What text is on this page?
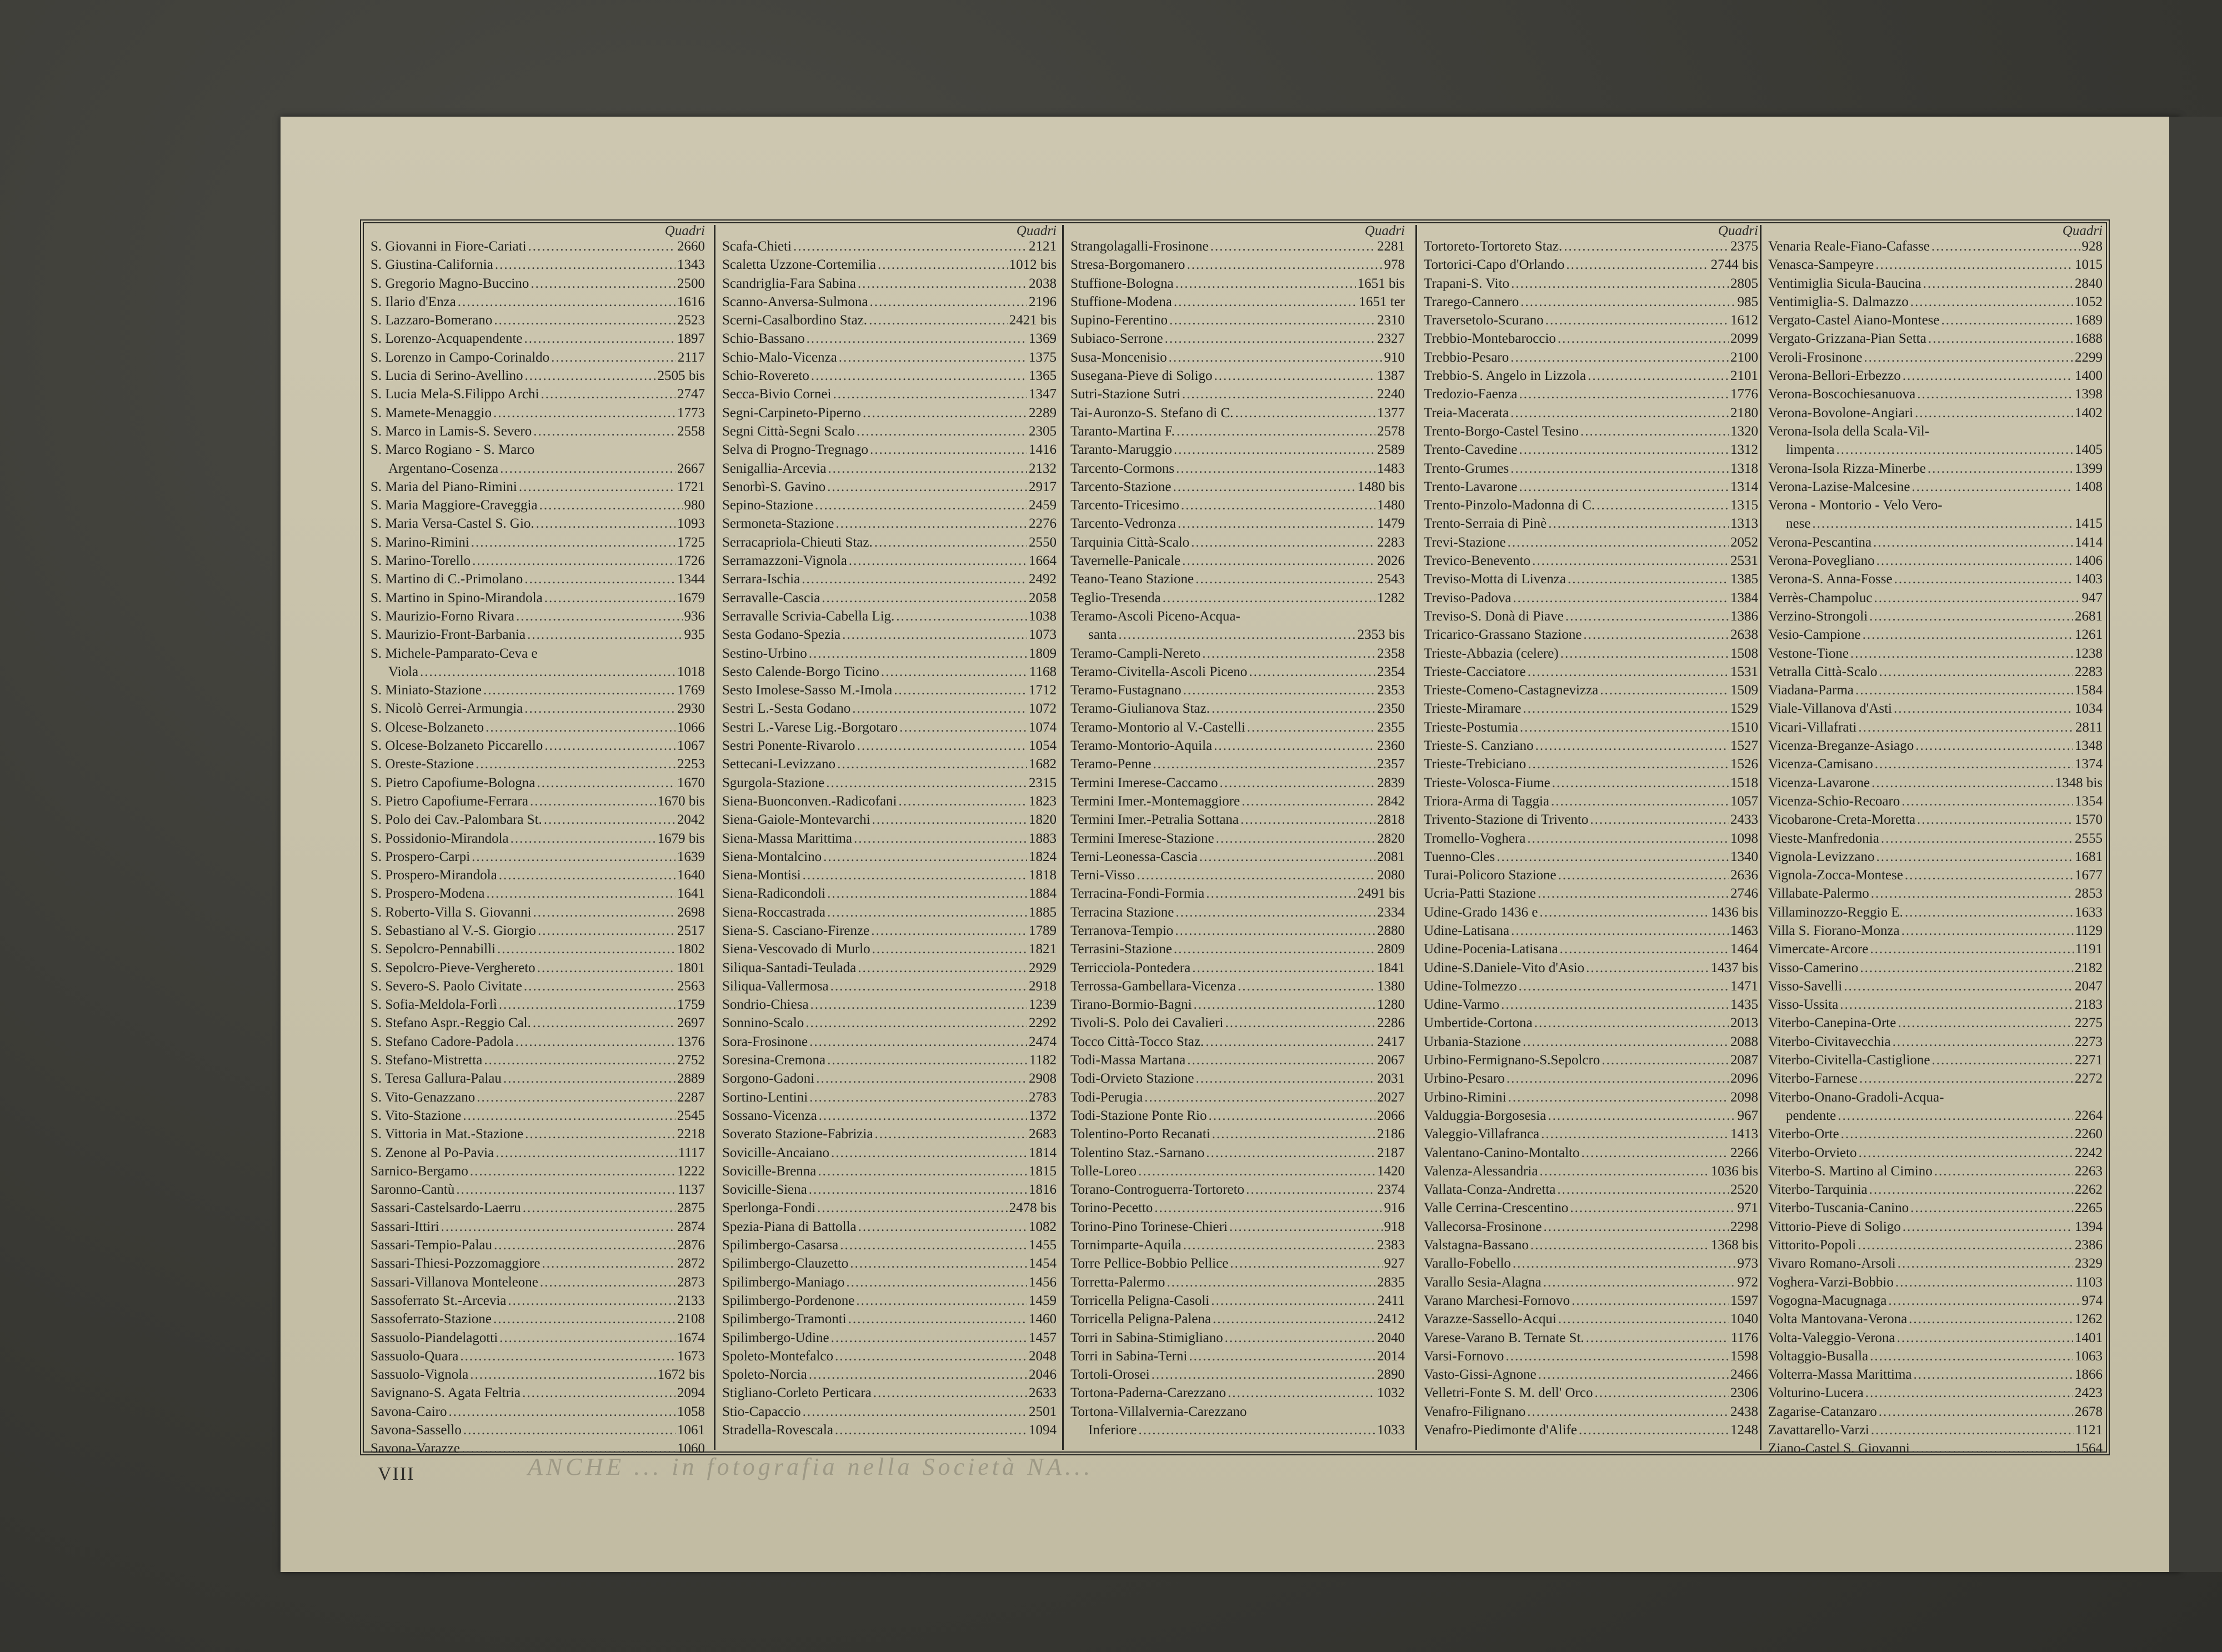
ANCHE ... in fotografia nella Società NA...
Quadri
S. Giovanni in Fiore-Cariati .....	2660
S. Giustina-California .....	1343
S. Gregorio Magno-Buccino .....	2500
S. Ilario d'Enza .....	1616
S. Lazzaro-Bomerano .....	2523
S. Lorenzo-Acquapendente .....	1897
S. Lorenzo in Campo-Corinaldo .....	2117
S. Lucia di Serino-Avellino .....	2505 bis
S. Lucia Mela-S.Filippo Archi .....	2747
S. Mamete-Menaggio .....	1773
S. Marco in Lamis-S. Severo .....	2558
S. Marco Rogiano - S. Marco
Argentano-Cosenza .....	2667
S. Maria del Piano-Rimini .....	1721
S. Maria Maggiore-Craveggia .....	980
S. Maria Versa-Castel S. Gio. .....	1093
S. Marino-Rimini .....	1725
S. Marino-Torello .....	1726
S. Martino di C.-Primolano .....	1344
S. Martino in Spino-Mirandola .....	1679
S. Maurizio-Forno Rivara .....	936
S. Maurizio-Front-Barbania .....	935
S. Michele-Pamparato-Ceva e
Viola .....	1018
S. Miniato-Stazione .....	1769
S. Nicolò Gerrei-Armungia .....	2930
S. Olcese-Bolzaneto .....	1066
S. Olcese-Bolzaneto Piccarello .....	1067
S. Oreste-Stazione .....	2253
S. Pietro Capofiume-Bologna .....	1670
S. Pietro Capofiume-Ferrara .....	1670 bis
S. Polo dei Cav.-Palombara St. .....	2042
S. Possidonio-Mirandola .....	1679 bis
S. Prospero-Carpi .....	1639
S. Prospero-Mirandola .....	1640
S. Prospero-Modena .....	1641
S. Roberto-Villa S. Giovanni .....	2698
S. Sebastiano al V.-S. Giorgio .....	2517
S. Sepolcro-Pennabilli .....	1802
S. Sepolcro-Pieve-Verghereto .....	1801
S. Severo-S. Paolo Civitate .....	2563
S. Sofia-Meldola-Forlì .....	1759
S. Stefano Aspr.-Reggio Cal. .....	2697
S. Stefano Cadore-Padola .....	1376
S. Stefano-Mistretta .....	2752
S. Teresa Gallura-Palau .....	2889
S. Vito-Genazzano .....	2287
S. Vito-Stazione .....	2545
S. Vittoria in Mat.-Stazione .....	2218
S. Zenone al Po-Pavia .....	1117
Sarnico-Bergamo .....	1222
Saronno-Cantù .....	1137
Sassari-Castelsardo-Laerru .....	2875
Sassari-Ittiri .....	2874
Sassari-Tempio-Palau .....	2876
Sassari-Thiesi-Pozzomaggiore .....	2872
Sassari-Villanova Monteleone .....	2873
Sassoferrato St.-Arcevia .....	2133
Sassoferrato-Stazione .....	2108
Sassuolo-Piandelagotti .....	1674
Sassuolo-Quara .....	1673
Sassuolo-Vignola .....	1672 bis
Savignano-S. Agata Feltria .....	2094
Savona-Cairo .....	1058
Savona-Sassello .....	1061
Savona-Varazze .....	1060
Quadri
Scafa-Chieti .....	2121
Scaletta Uzzone-Cortemilia .....	1012 bis
Scandriglia-Fara Sabina .....	2038
Scanno-Anversa-Sulmona .....	2196
Scerni-Casalbordino Staz. .....	2421 bis
Schio-Bassano .....	1369
Schio-Malo-Vicenza .....	1375
Schio-Rovereto .....	1365
Secca-Bivio Cornei .....	1347
Segni-Carpineto-Piperno .....	2289
Segni Città-Segni Scalo .....	2305
Selva di Progno-Tregnago .....	1416
Senigallia-Arcevia .....	2132
Senorbì-S. Gavino .....	2917
Sepino-Stazione .....	2459
Sermoneta-Stazione .....	2276
Serracapriola-Chieuti Staz. .....	2550
Serramazzoni-Vignola .....	1664
Serrara-Ischia .....	2492
Serravalle-Cascia .....	2058
Serravalle Scrivia-Cabella Lig. .....	1038
Sesta Godano-Spezia .....	1073
Sestino-Urbino .....	1809
Sesto Calende-Borgo Ticino .....	1168
Sesto Imolese-Sasso M.-Imola .....	1712
Sestri L.-Sesta Godano .....	1072
Sestri L.-Varese Lig.-Borgotaro .....	1074
Sestri Ponente-Rivarolo .....	1054
Settecani-Levizzano .....	1682
Sgurgola-Stazione .....	2315
Siena-Buonconven.-Radicofani .....	1823
Siena-Gaiole-Montevarchi .....	1820
Siena-Massa Marittima .....	1883
Siena-Montalcino .....	1824
Siena-Montisi .....	1818
Siena-Radicondoli .....	1884
Siena-Roccastrada .....	1885
Siena-S. Casciano-Firenze .....	1789
Siena-Vescovado di Murlo .....	1821
Siliqua-Santadi-Teulada .....	2929
Siliqua-Vallermosa .....	2918
Sondrio-Chiesa .....	1239
Sonnino-Scalo .....	2292
Sora-Frosinone .....	2474
Soresina-Cremona .....	1182
Sorgono-Gadoni .....	2908
Sortino-Lentini .....	2783
Sossano-Vicenza .....	1372
Soverato Stazione-Fabrizia .....	2683
Sovicille-Ancaiano .....	1814
Sovicille-Brenna .....	1815
Sovicille-Siena .....	1816
Sperlonga-Fondi .....	2478 bis
Spezia-Piana di Battolla .....	1082
Spilimbergo-Casarsa .....	1455
Spilimbergo-Clauzetto .....	1454
Spilimbergo-Maniago .....	1456
Spilimbergo-Pordenone .....	1459
Spilimbergo-Tramonti .....	1460
Spilimbergo-Udine .....	1457
Spoleto-Montefalco .....	2048
Spoleto-Norcia .....	2046
Stigliano-Corleto Perticara .....	2633
Stio-Capaccio .....	2501
Stradella-Rovescala .....	1094
Quadri
Strangolagalli-Frosinone .....	2281
Stresa-Borgomanero .....	978
Stuffione-Bologna .....	1651 bis
Stuffione-Modena .....	1651 ter
Supino-Ferentino .....	2310
Subiaco-Serrone .....	2327
Susa-Moncenisio .....	910
Susegana-Pieve di Soligo .....	1387
Sutri-Stazione Sutri .....	2240
Tai-Auronzo-S. Stefano di C. .....	1377
Taranto-Martina F. .....	2578
Taranto-Maruggio .....	2589
Tarcento-Cormons .....	1483
Tarcento-Stazione .....	1480 bis
Tarcento-Tricesimo .....	1480
Tarcento-Vedronza .....	1479
Tarquinia Città-Scalo .....	2283
Tavernelle-Panicale .....	2026
Teano-Teano Stazione .....	2543
Teglio-Tresenda .....	1282
Teramo-Ascoli Piceno-Acqua-
santa .....	2353 bis
Teramo-Campli-Nereto .....	2358
Teramo-Civitella-Ascoli Piceno .....	2354
Teramo-Fustagnano .....	2353
Teramo-Giulianova Staz. .....	2350
Teramo-Montorio al V.-Castelli .....	2355
Teramo-Montorio-Aquila .....	2360
Teramo-Penne .....	2357
Termini Imerese-Caccamo .....	2839
Termini Imer.-Montemaggiore .....	2842
Termini Imer.-Petralia Sottana .....	2818
Termini Imerese-Stazione .....	2820
Terni-Leonessa-Cascia .....	2081
Terni-Visso .....	2080
Terracina-Fondi-Formia .....	2491 bis
Terracina Stazione .....	2334
Terranova-Tempio .....	2880
Terrasini-Stazione .....	2809
Terricciola-Pontedera .....	1841
Terrossa-Gambellara-Vicenza .....	1380
Tirano-Bormio-Bagni .....	1280
Tivoli-S. Polo dei Cavalieri .....	2286
Tocco Città-Tocco Staz. .....	2417
Todi-Massa Martana .....	2067
Todi-Orvieto Stazione .....	2031
Todi-Perugia .....	2027
Todi-Stazione Ponte Rio .....	2066
Tolentino-Porto Recanati .....	2186
Tolentino Staz.-Sarnano .....	2187
Tolle-Loreo .....	1420
Torano-Controguerra-Tortoreto .....	2374
Torino-Pecetto .....	916
Torino-Pino Torinese-Chieri .....	918
Tornimparte-Aquila .....	2383
Torre Pellice-Bobbio Pellice .....	927
Torretta-Palermo .....	2835
Torricella Peligna-Casoli .....	2411
Torricella Peligna-Palena .....	2412
Torri in Sabina-Stimigliano .....	2040
Torri in Sabina-Terni .....	2014
Tortoli-Orosei .....	2890
Tortona-Paderna-Carezzano .....	1032
Tortona-Villalvernia-Carezzano
Inferiore .....	1033
Quadri
Tortoreto-Tortoreto Staz. .....	2375
Tortorici-Capo d'Orlando .....	2744 bis
Trapani-S. Vito .....	2805
Trarego-Cannero .....	985
Traversetolo-Scurano .....	1612
Trebbio-Montebaroccio .....	2099
Trebbio-Pesaro .....	2100
Trebbio-S. Angelo in Lizzola .....	2101
Tredozio-Faenza .....	1776
Treia-Macerata .....	2180
Trento-Borgo-Castel Tesino .....	1320
Trento-Cavedine .....	1312
Trento-Grumes .....	1318
Trento-Lavarone .....	1314
Trento-Pinzolo-Madonna di C. .....	1315
Trento-Serraia di Pinè .....	1313
Trevi-Stazione .....	2052
Trevico-Benevento .....	2531
Treviso-Motta di Livenza .....	1385
Treviso-Padova .....	1384
Treviso-S. Donà di Piave .....	1386
Tricarico-Grassano Stazione .....	2638
Trieste-Abbazia (celere) .....	1508
Trieste-Cacciatore .....	1531
Trieste-Comeno-Castagnevizza .....	1509
Trieste-Miramare .....	1529
Trieste-Postumia .....	1510
Trieste-S. Canziano .....	1527
Trieste-Trebiciano .....	1526
Trieste-Volosca-Fiume .....	1518
Triora-Arma di Taggia .....	1057
Trivento-Stazione di Trivento .....	2433
Tromello-Voghera .....	1098
Tuenno-Cles .....	1340
Turai-Policoro Stazione .....	2636
Ucria-Patti Stazione .....	2746
Udine-Grado 1436 e .....	1436 bis
Udine-Latisana .....	1463
Udine-Pocenia-Latisana .....	1464
Udine-S.Daniele-Vito d'Asio .....	1437 bis
Udine-Tolmezzo .....	1471
Udine-Varmo .....	1435
Umbertide-Cortona .....	2013
Urbania-Stazione .....	2088
Urbino-Fermignano-S.Sepolcro .....	2087
Urbino-Pesaro .....	2096
Urbino-Rimini .....	2098
Valduggia-Borgosesia .....	967
Valeggio-Villafranca .....	1413
Valentano-Canino-Montalto .....	2266
Valenza-Alessandria .....	1036 bis
Vallata-Conza-Andretta .....	2520
Valle Cerrina-Crescentino .....	971
Vallecorsa-Frosinone .....	2298
Valstagna-Bassano .....	1368 bis
Varallo-Fobello .....	973
Varallo Sesia-Alagna .....	972
Varano Marchesi-Fornovo .....	1597
Varazze-Sassello-Acqui .....	1040
Varese-Varano B. Ternate St. .....	1176
Varsi-Fornovo .....	1598
Vasto-Gissi-Agnone .....	2466
Velletri-Fonte S. M. dell' Orco .....	2306
Venafro-Filignano .....	2438
Venafro-Piedimonte d'Alife .....	1248
Quadri
Venaria Reale-Fiano-Cafasse .....	928
Venasca-Sampeyre .....	1015
Ventimiglia Sicula-Baucina .....	2840
Ventimiglia-S. Dalmazzo .....	1052
Vergato-Castel Aiano-Montese .....	1689
Vergato-Grizzana-Pian Setta .....	1688
Veroli-Frosinone .....	2299
Verona-Bellori-Erbezzo .....	1400
Verona-Boscochiesanuova .....	1398
Verona-Bovolone-Angiari .....	1402
Verona-Isola della Scala-Vil-
limpenta .....	1405
Verona-Isola Rizza-Minerbe .....	1399
Verona-Lazise-Malcesine .....	1408
Verona - Montorio - Velo Vero-
nese .....	1415
Verona-Pescantina .....	1414
Verona-Povegliano .....	1406
Verona-S. Anna-Fosse .....	1403
Verrès-Champoluc .....	947
Verzino-Strongoli .....	2681
Vesio-Campione .....	1261
Vestone-Tione .....	1238
Vetralla Città-Scalo .....	2283
Viadana-Parma .....	1584
Viale-Villanova d'Asti .....	1034
Vicari-Villafrati .....	2811
Vicenza-Breganze-Asiago .....	1348
Vicenza-Camisano .....	1374
Vicenza-Lavarone .....	1348 bis
Vicenza-Schio-Recoaro .....	1354
Vicobarone-Creta-Moretta .....	1570
Vieste-Manfredonia .....	2555
Vignola-Levizzano .....	1681
Vignola-Zocca-Montese .....	1677
Villabate-Palermo .....	2853
Villaminozzo-Reggio E. .....	1633
Villa S. Fiorano-Monza .....	1129
Vimercate-Arcore .....	1191
Visso-Camerino .....	2182
Visso-Savelli .....	2047
Visso-Ussita .....	2183
Viterbo-Canepina-Orte .....	2275
Viterbo-Civitavecchia .....	2273
Viterbo-Civitella-Castiglione .....	2271
Viterbo-Farnese .....	2272
Viterbo-Onano-Gradoli-Acqua-
pendente .....	2264
Viterbo-Orte .....	2260
Viterbo-Orvieto .....	2242
Viterbo-S. Martino al Cimino .....	2263
Viterbo-Tarquinia .....	2262
Viterbo-Tuscania-Canino .....	2265
Vittorio-Pieve di Soligo .....	1394
Vittorito-Popoli .....	2386
Vivaro Romano-Arsoli .....	2329
Voghera-Varzi-Bobbio .....	1103
Vogogna-Macugnaga .....	974
Volta Mantovana-Verona .....	1262
Volta-Valeggio-Verona .....	1401
Voltaggio-Busalla .....	1063
Volterra-Massa Marittima .....	1866
Volturino-Lucera .....	2423
Zagarise-Catanzaro .....	2678
Zavattarello-Varzi .....	1121
Ziano-Castel S. Giovanni .....	1564
VIII
